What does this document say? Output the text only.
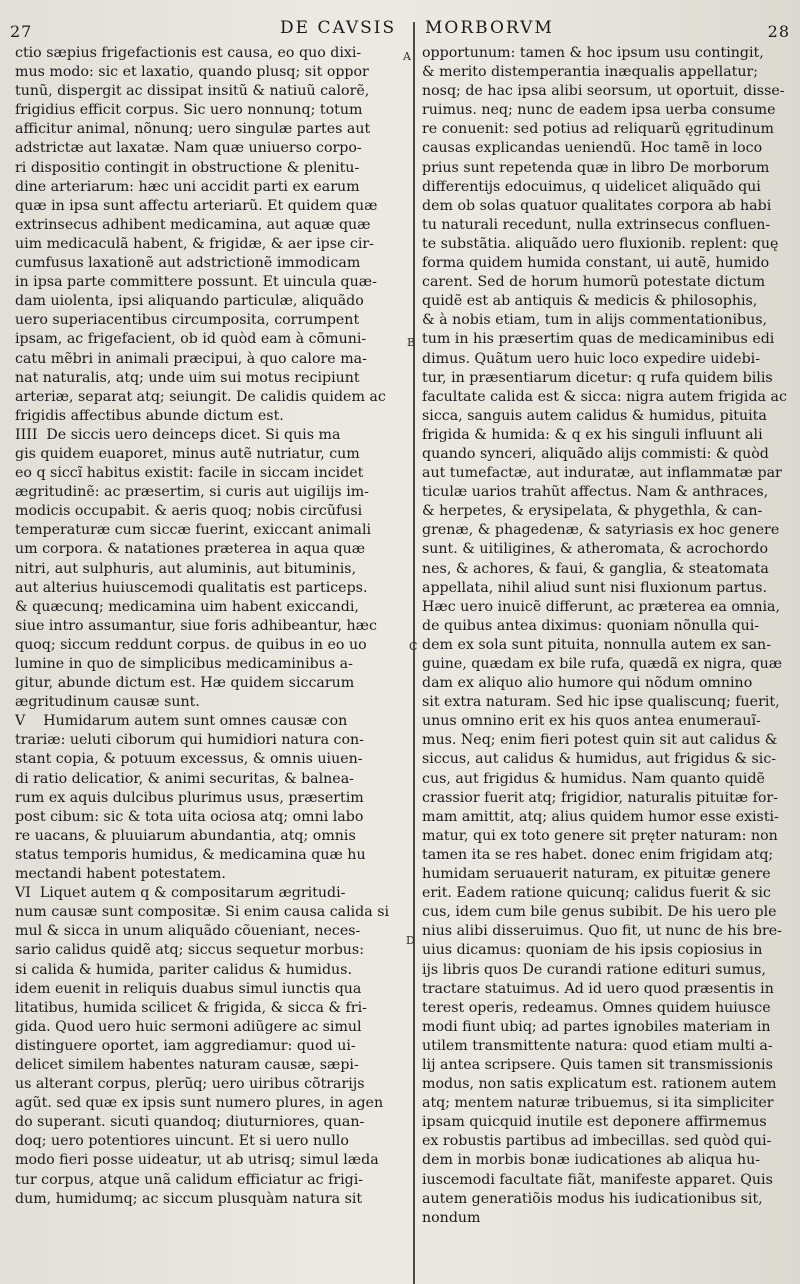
27	DE CAVSIS MORBORVM	28
A
B
C
D
ctio sæpius frigefactionis est causa, eo quo dixi-
mus modo: sic et laxatio, quando plusq; sit oppor
tunũ, dispergit ac dissipat insitũ & natiuũ calorẽ,
frigidius efficit corpus. Sic uero nonnunq; totum
afficitur animal, nõnunq; uero singulæ partes aut
adstrictæ aut laxatæ. Nam quæ uniuerso corpo-
ri dispositio contingit in obstructione & plenitu-
dine arteriarum: hæc uni accidit parti ex earum
quæ in ipsa sunt affectu arteriarũ. Et quidem quæ
extrinsecus adhibent medicamina, aut aquæ quæ
uim medicaculã habent, & frigidæ, & aer ipse cir-
cumfusus laxationẽ aut adstrictionẽ immodicam
in ipsa parte committere possunt. Et uincula quæ-
dam uiolenta, ipsi aliquando particulæ, aliquãdo
uero superiacentibus circumposita, corrumpent
ipsam, ac frigefacient, ob id quòd eam à cõmuni-
catu mẽbri in animali præcipui, à quo calore ma-
nat naturalis, atq; unde uim sui motus recipiunt
arteriæ, separat atq; seiungit. De calidis quidem ac
frigidis affectibus abunde dictum est.
IIII  De siccis uero deinceps dicet. Si quis ma
gis quidem euaporet, minus autẽ nutriatur, cum
eo q siccĩ habitus existit: facile in siccam incidet
ægritudinẽ: ac præsertim, si curis aut uigilijs im-
modicis occupabit. & aeris quoq; nobis circũfusi
temperaturæ cum siccæ fuerint, exiccant animali
um corpora. & natationes præterea in aqua quæ
nitri, aut sulphuris, aut aluminis, aut bituminis,
aut alterius huiuscemodi qualitatis est particeps.
& quæcunq; medicamina uim habent exiccandi,
siue intro assumantur, siue foris adhibeantur, hæc
quoq; siccum reddunt corpus. de quibus in eo uo
lumine in quo de simplicibus medicaminibus a-
gitur, abunde dictum est. Hæ quidem siccarum
ægritudinum causæ sunt.
V    Humidarum autem sunt omnes causæ con
trariæ: ueluti ciborum qui humidiori natura con-
stant copia, & potuum excessus, & omnis uiuen-
di ratio delicatior, & animi securitas, & balnea-
rum ex aquis dulcibus plurimus usus, præsertim
post cibum: sic & tota uita ociosa atq; omni labo
re uacans, & pluuiarum abundantia, atq; omnis
status temporis humidus, & medicamina quæ hu
mectandi habent potestatem.
VI  Liquet autem q & compositarum ægritudi-
num causæ sunt compositæ. Si enim causa calida si
mul & sicca in unum aliquãdo cõueniant, neces-
sario calidus quidẽ atq; siccus sequetur morbus:
si calida & humida, pariter calidus & humidus.
idem euenit in reliquis duabus simul iunctis qua
litatibus, humida scilicet & frigida, & sicca & fri-
gida. Quod uero huic sermoni adiũgere ac simul
distinguere oportet, iam aggrediamur: quod ui-
delicet similem habentes naturam causæ, sæpi-
us alterant corpus, plerũq; uero uiribus cõtrarijs
agũt. sed quæ ex ipsis sunt numero plures, in agen
do superant. sicuti quandoq; diuturniores, quan-
doq; uero potentiores uincunt. Et si uero nullo
modo fieri posse uideatur, ut ab utrisq; simul læda
tur corpus, atque unã calidum efficiatur ac frigi-
dum, humidumq; ac siccum plusquàm natura sit
opportunum: tamen & hoc ipsum usu contingit,
& merito distemperantia inæqualis appellatur;
nosq; de hac ipsa alibi seorsum, ut oportuit, disse-
ruimus. neq; nunc de eadem ipsa uerba consume
re conuenit: sed potius ad reliquarũ ęgritudinum
causas explicandas ueniendũ. Hoc tamẽ in loco
prius sunt repetenda quæ in libro De morborum
differentijs edocuimus, q uidelicet aliquãdo qui
dem ob solas quatuor qualitates corpora ab habi
tu naturali recedunt, nulla extrinsecus confluen-
te substãtia. aliquãdo uero fluxionib. replent: quę
forma quidem humida constant, ui autẽ, humido
carent. Sed de horum humorũ potestate dictum
quidẽ est ab antiquis & medicis & philosophis,
& à nobis etiam, tum in alijs commentationibus,
tum in his præsertim quas de medicaminibus edi
dimus. Quãtum uero huic loco expedire uidebi-
tur, in præsentiarum dicetur: q rufa quidem bilis
facultate calida est & sicca: nigra autem frigida ac
sicca, sanguis autem calidus & humidus, pituita
frigida & humida: & q ex his singuli influunt ali
quando synceri, aliquãdo alijs commisti: & quòd
aut tumefactæ, aut induratæ, aut inflammatæ par
ticulæ uarios trahũt affectus. Nam & anthraces,
& herpetes, & erysipelata, & phygethla, & can-
grenæ, & phagedenæ, & satyriasis ex hoc genere
sunt. & uitiligines, & atheromata, & acrochordo
nes, & achores, & faui, & ganglia, & steatomata
appellata, nihil aliud sunt nisi fluxionum partus.
Hæc uero inuicẽ differunt, ac præterea ea omnia,
de quibus antea diximus: quoniam nõnulla qui-
dem ex sola sunt pituita, nonnulla autem ex san-
guine, quædam ex bile rufa, quædã ex nigra, quæ
dam ex aliquo alio humore qui nõdum omnino
sit extra naturam. Sed hic ipse qualiscunq; fuerit,
unus omnino erit ex his quos antea enumerauĩ-
mus. Neq; enim fieri potest quin sit aut calidus &
siccus, aut calidus & humidus, aut frigidus & sic-
cus, aut frigidus & humidus. Nam quanto quidẽ
crassior fuerit atq; frigidior, naturalis pituitæ for-
mam amittit, atq; alius quidem humor esse existi-
matur, qui ex toto genere sit pręter naturam: non
tamen ita se res habet. donec enim frigidam atq;
humidam seruauerit naturam, ex pituitæ genere
erit. Eadem ratione quicunq; calidus fuerit & sic
cus, idem cum bile genus subibit. De his uero ple
nius alibi disseruimus. Quo fit, ut nunc de his bre-
uius dicamus: quoniam de his ipsis copiosius in
ijs libris quos De curandi ratione edituri sumus,
tractare statuimus. Ad id uero quod præsentis in
terest operis, redeamus. Omnes quidem huiusce
modi fiunt ubiq; ad partes ignobiles materiam in
utilem transmittente natura: quod etiam multi a-
lij antea scripsere. Quis tamen sit transmissionis
modus, non satis explicatum est. rationem autem
atq; mentem naturæ tribuemus, si ita simpliciter
ipsam quicquid inutile est deponere affirmemus
ex robustis partibus ad imbecillas. sed quòd qui-
dem in morbis bonæ iudicationes ab aliqua hu-
iuscemodi facultate fiãt, manifeste apparet. Quis
autem generatiõis modus his iudicationibus sit,
nondum
